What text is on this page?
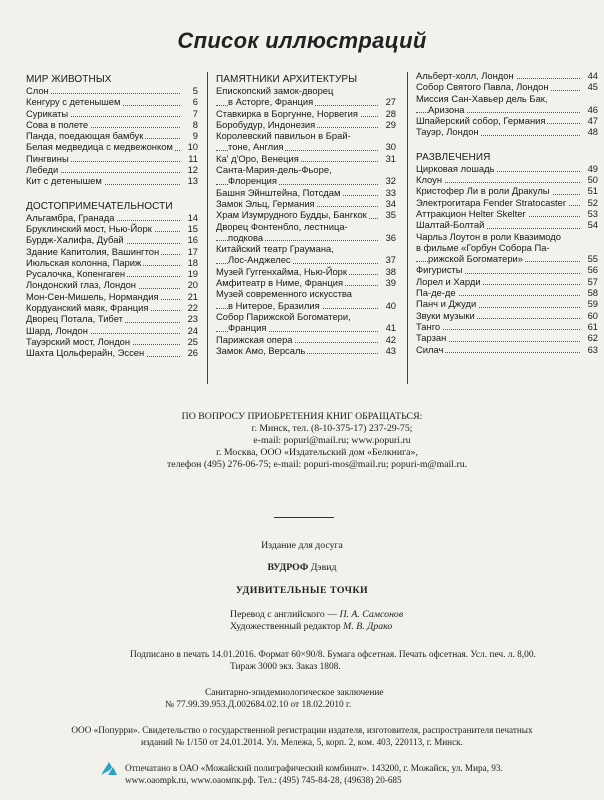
Список иллюстраций
МИР ЖИВОТНЫХ
Слон	5
Кенгуру с детенышем	6
Сурикаты	7
Сова в полете	8
Панда, поедающая бамбук	9
Белая медведица с медвежонком 10
Пингвины	11
Лебеди	12
Кит с детенышем	13
ДОСТОПРИМЕЧАТЕЛЬНОСТИ
Альгамбра, Гранада	14
Бруклинский мост, Нью-Йорк	15
Бурдж-Халифа, Дубай	16
Здание Капитолия, Вашингтон	17
Июльская колонна, Париж	18
Русалочка, Копенгаген	19
Лондонский глаз, Лондон	20
Мон-Сен-Мишель, Нормандия	21
Кордуанский маяк, Франция	22
Дворец Потала, Тибет	23
Шард, Лондон	24
Тауэрский мост, Лондон	25
Шахта Цольферайн, Эссен	26
ПАМЯТНИКИ АРХИТЕКТУРЫ
Епископский замок-дворец
в Асторге, Франция	27
Ставкирка в Боргунне, Норвегия	28
Боробудур, Индонезия	29
Королевский павильон в Брай-
тоне, Англия	30
Ка' д'Оро, Венеция	31
Санта-Мария-дель-Фьоре,
Флоренция	32
Башня Эйнштейна, Потсдам	33
Замок Эльц, Германия	34
Храм Изумрудного Будды, Бангкок 35
Дворец Фонтенбло, лестница-
подкова	36
Китайский театр Граумана,
Лос-Анджелес	37
Музей Гуггенхайма, Нью-Йорк	38
Амфитеатр в Ниме, Франция	39
Музей современного искусства
в Нитерое, Бразилия	40
Собор Парижской Богоматери,
Франция	41
Парижская опера	42
Замок Амо, Версаль	43
Альберт-холл, Лондон	44
Собор Святого Павла, Лондон	45
Миссия Сан-Хавьер дель Бак,
Аризона	46
Шпайерский собор, Германия	47
Тауэр, Лондон	48
РАЗВЛЕЧЕНИЯ
Цирковая лошадь	49
Клоун	50
Кристофер Ли в роли Дракулы	51
Электрогитара Fender Stratocaster 52
Аттракцион Helter Skelter	53
Шалтай-Болтай	54
Чарльз Лоутон в роли Квазимодо
в фильме «Горбун Собора Па-
рижской Богоматери»	55
Фигуристы	56
Лорел и Харди	57
Па-де-де	58
Панч и Джуди	59
Звуки музыки	60
Танго	61
Тарзан	62
Силач	63
ПО ВОПРОСУ ПРИОБРЕТЕНИЯ КНИГ ОБРАЩАТЬСЯ:
г. Минск, тел. (8-10-375-17) 237-29-75;
e-mail: popuri@mail.ru; www.popuri.ru
г. Москва, ООО «Издательский дом «Белкнига»,
телефон (495) 276-06-75; e-mail: popuri-mos@mail.ru; popuri-m@mail.ru.
Издание для досуга
ВУДРОФ Дэвид
УДИВИТЕЛЬНЫЕ ТОЧКИ
Перевод с английского — П. А. Самсонов
Художественный редактор М. В. Драко
Подписано в печать 14.01.2016. Формат 60×90/8. Бумага офсетная. Печать офсетная. Усл. печ. л. 8,00.
Тираж 3000 экз. Заказ 1808.
Санитарно-эпидемиологическое заключение
№ 77.99.39.953.Д.002684.02.10 от 18.02.2010 г.
ООО «Попурри». Свидетельство о государственной регистрации издателя, изготовителя, распространителя печатных
изданий № 1/150 от 24.01.2014. Ул. Мележа, 5, корп. 2, ком. 403, 220113, г. Минск.
Отпечатано в ОАО «Можайский полиграфический комбинат». 143200, г. Можайск, ул. Мира, 93.
www.oaompk.ru, www.оаомпк.рф. Тел.: (495) 745-84-28, (49638) 20-685
